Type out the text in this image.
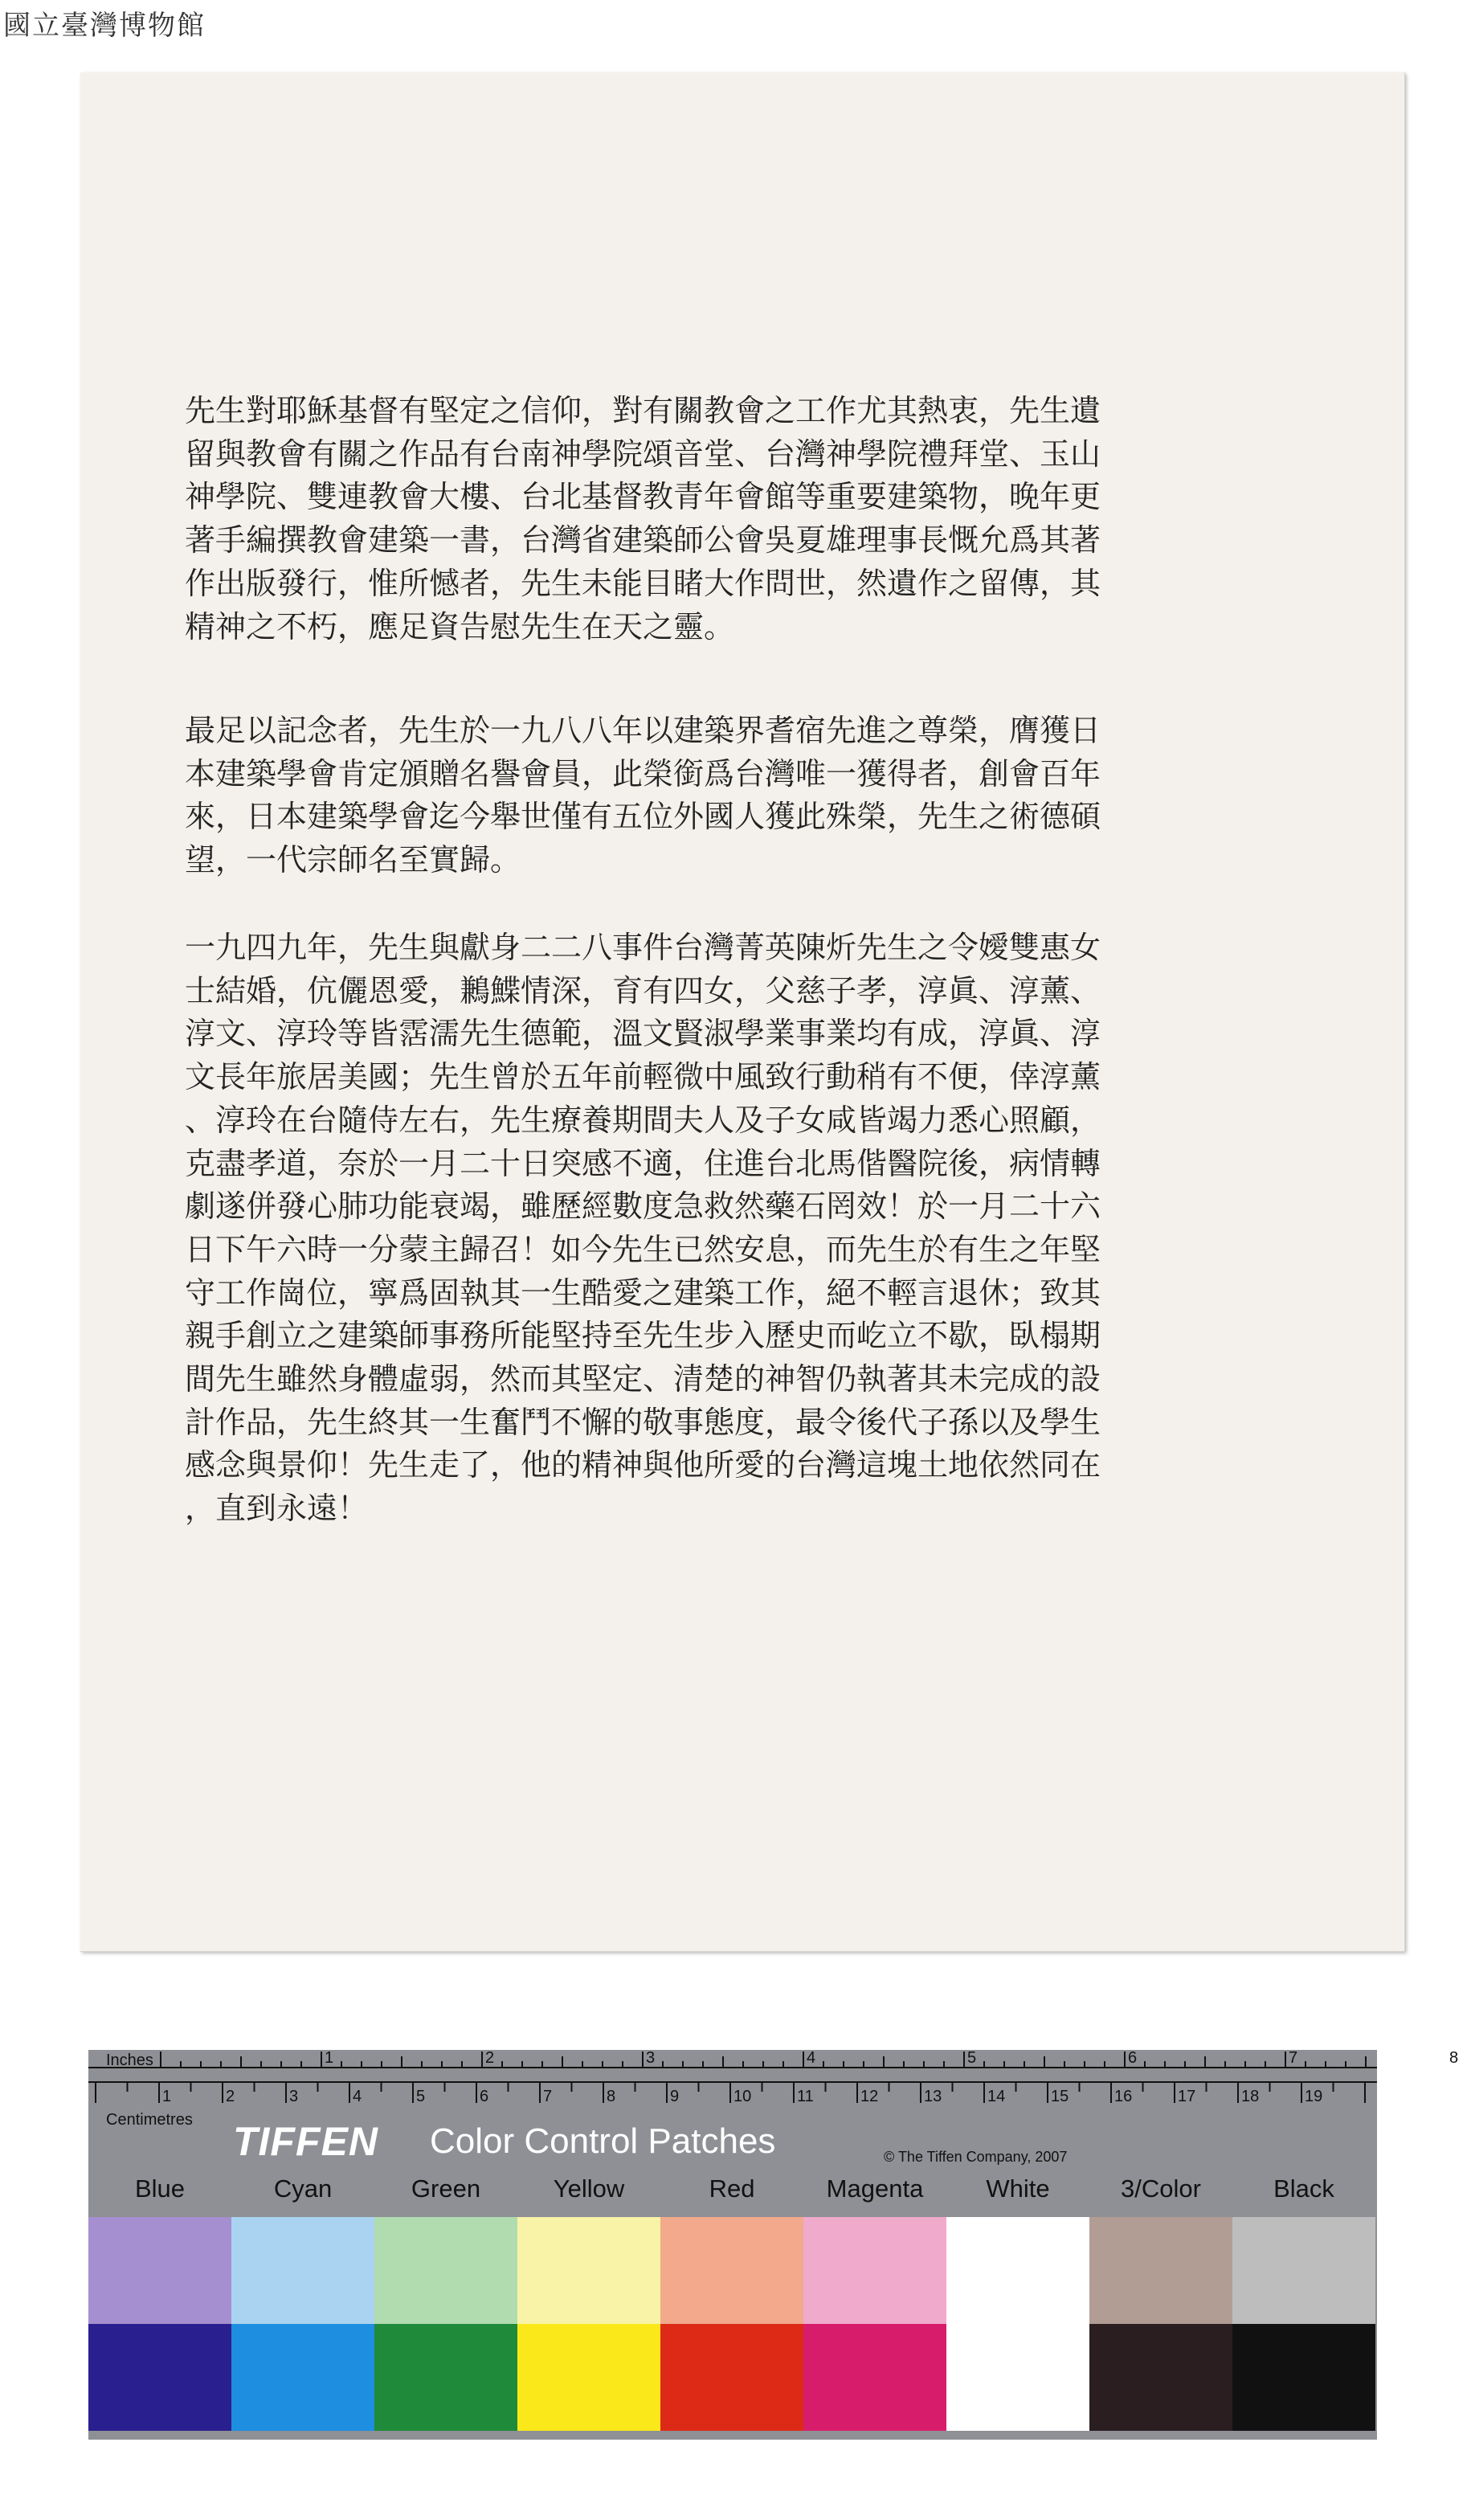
國立臺灣博物館
先生對耶穌基督有堅定之信仰，對有關教會之工作尤其熱衷，先生遺
留與教會有關之作品有台南神學院頌音堂、台灣神學院禮拜堂、玉山
神學院、雙連教會大樓、台北基督教青年會館等重要建築物，晚年更
著手編撰教會建築一書，台灣省建築師公會吳夏雄理事長慨允爲其著
作出版發行，惟所憾者，先生未能目睹大作問世，然遺作之留傳，其
精神之不朽，應足資告慰先生在天之靈。
最足以記念者，先生於一九八八年以建築界耆宿先進之尊榮，膺獲日
本建築學會肯定頒贈名譽會員，此榮銜爲台灣唯一獲得者，創會百年
來，日本建築學會迄今舉世僅有五位外國人獲此殊榮，先生之術德碩
望，一代宗師名至實歸。
一九四九年，先生與獻身二二八事件台灣菁英陳炘先生之令嬡雙惠女
士結婚，伉儷恩愛，鶼鰈情深，育有四女，父慈子孝，淳眞、淳薰、
淳文、淳玲等皆霑濡先生德範，溫文賢淑學業事業均有成，淳眞、淳
文長年旅居美國；先生曾於五年前輕微中風致行動稍有不便，倖淳薰
、淳玲在台隨侍左右，先生療養期間夫人及子女咸皆竭力悉心照顧，
克盡孝道，奈於一月二十日突感不適，住進台北馬偕醫院後，病情轉
劇遂併發心肺功能衰竭，雖歷經數度急救然藥石罔效！於一月二十六
日下午六時一分蒙主歸召！如今先生已然安息，而先生於有生之年堅
守工作崗位，寧爲固執其一生酷愛之建築工作，絕不輕言退休；致其
親手創立之建築師事務所能堅持至先生步入歷史而屹立不歇，臥榻期
間先生雖然身體虛弱，然而其堅定、清楚的神智仍執著其未完成的設
計作品，先生終其一生奮鬥不懈的敬事態度，最令後代子孫以及學生
感念與景仰！先生走了，他的精神與他所愛的台灣這塊土地依然同在
，直到永遠！
1	2	3	4	5	6	7	8
1	2	3	4	5	6	7	8	9	10	11	12	13	14	15	16	17	18	19
Inches
Centimetres TIFFEN Color Control Patches	© The Tiffen Company, 2007
Blue	Cyan	Green	Yellow	Red	Magenta	White	3/Color	Black
